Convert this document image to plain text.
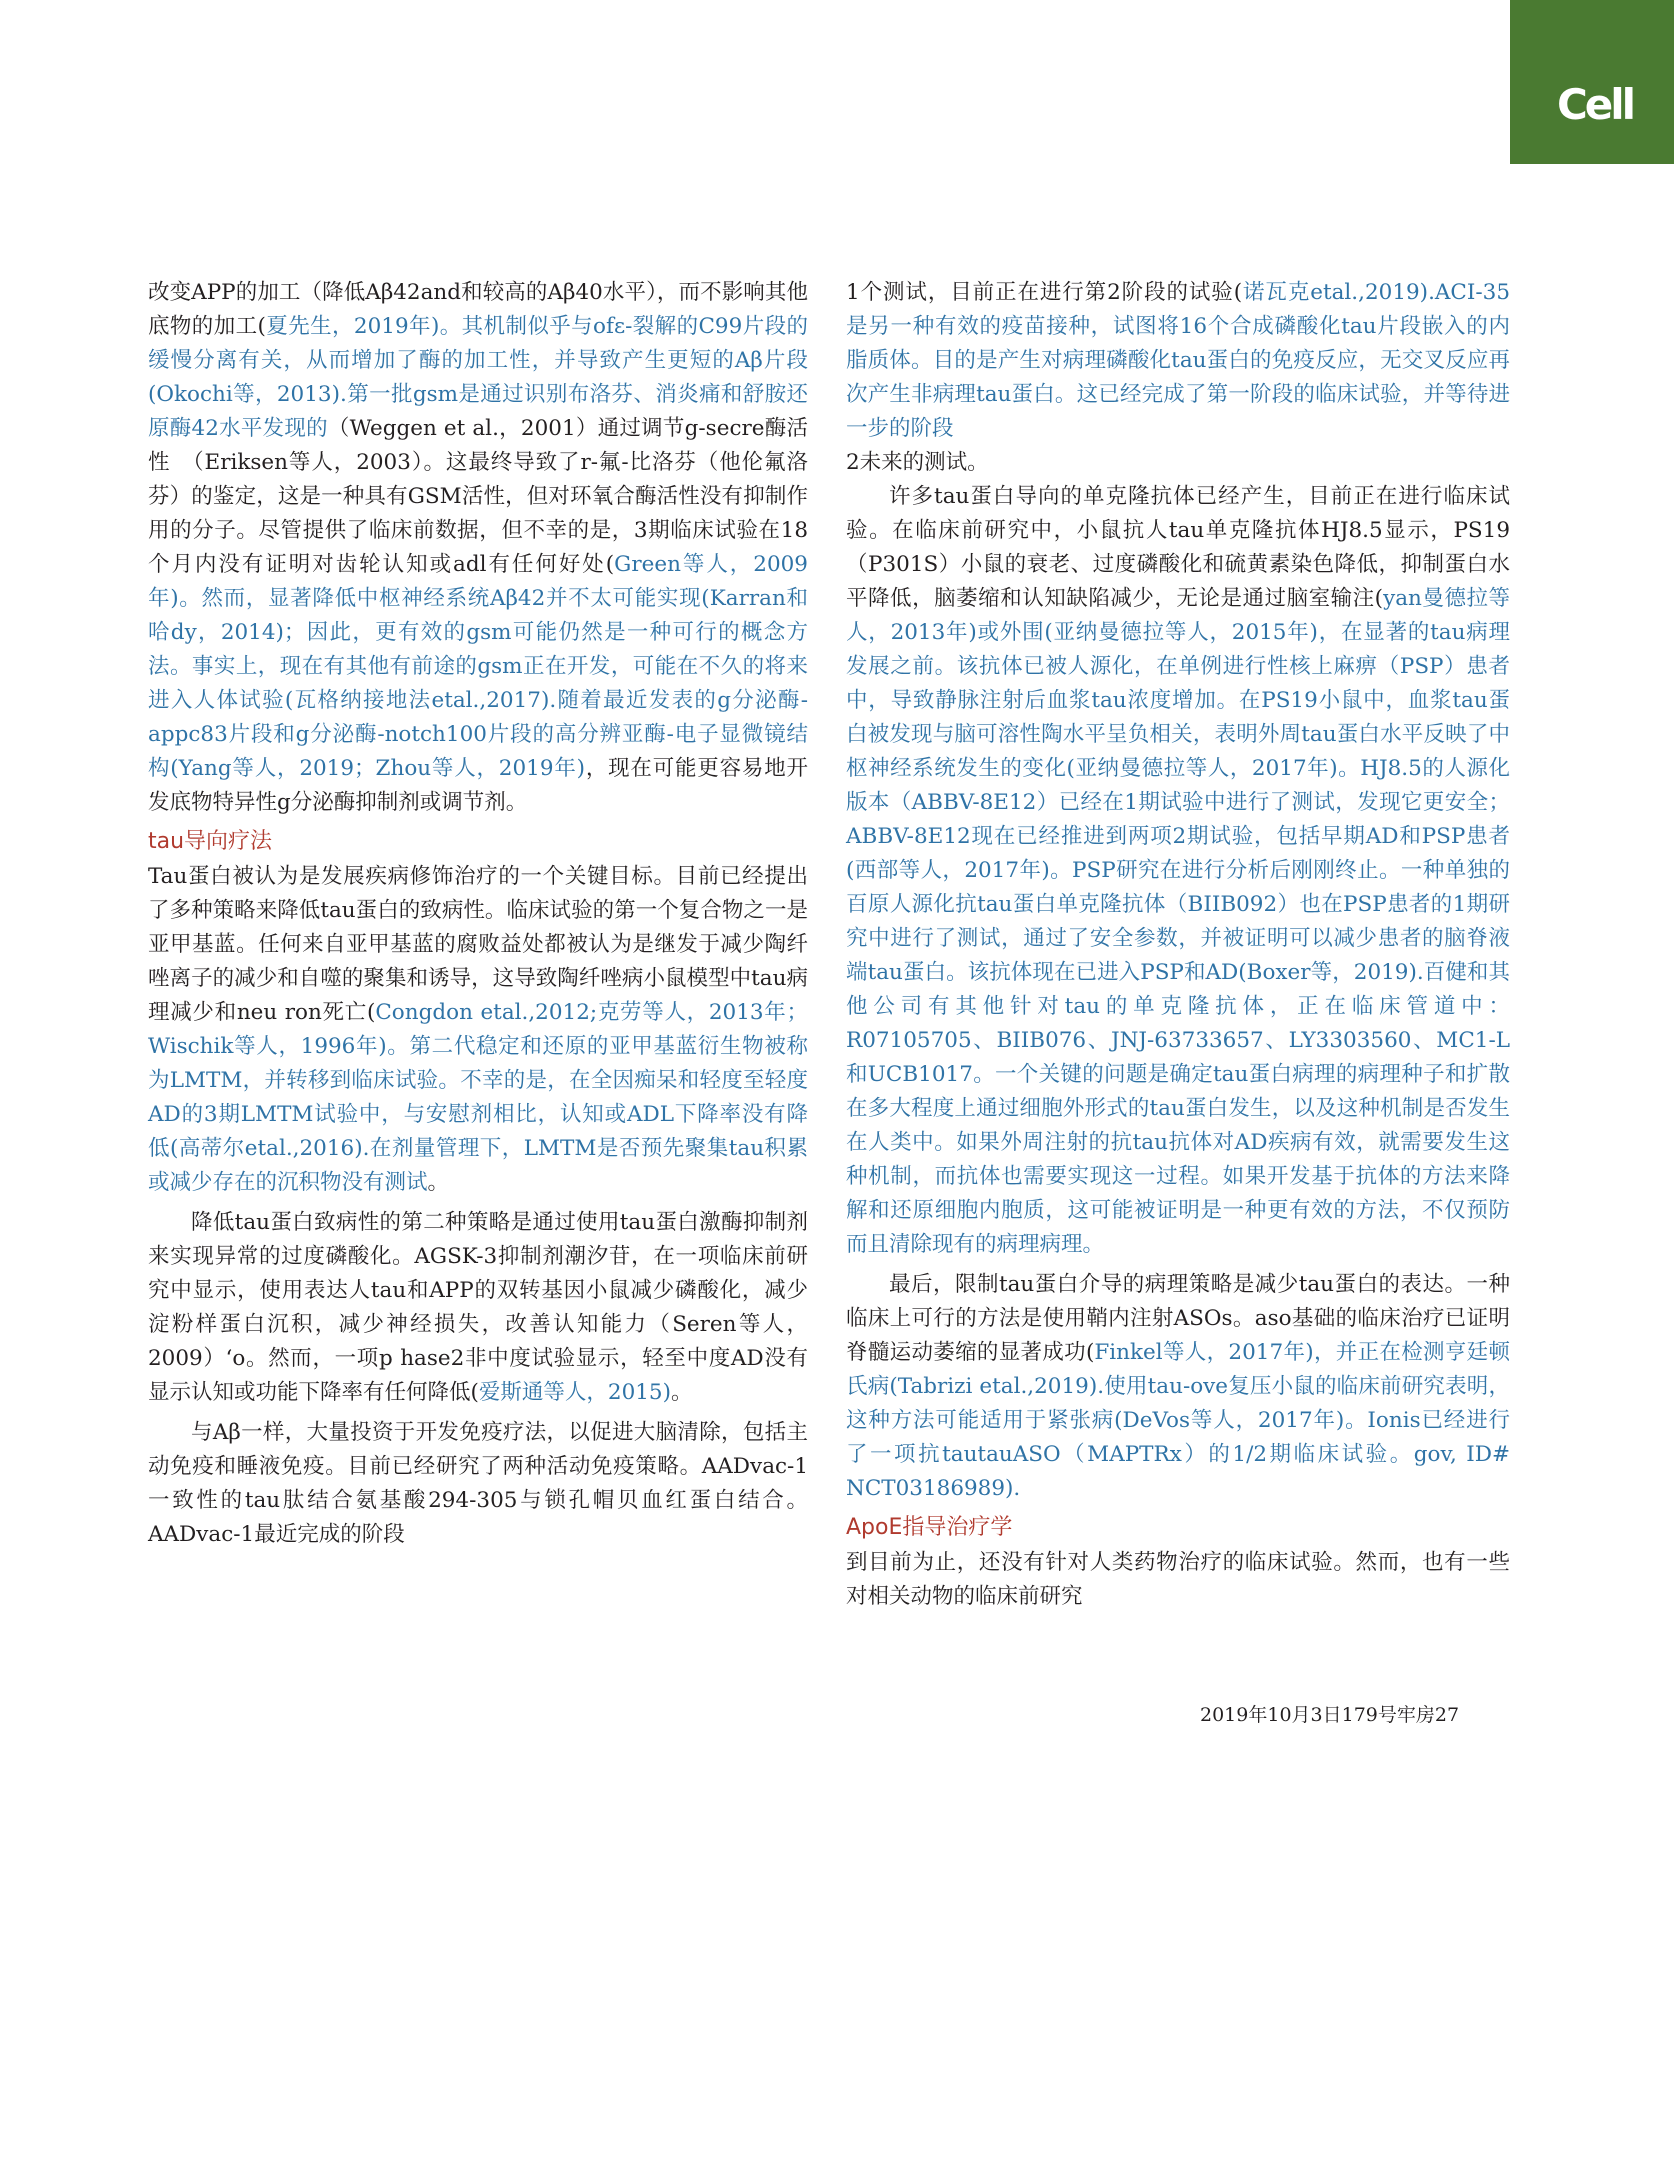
Cell

改变APP的加工（降低Aβ42and和较高的Aβ40水平），而不影响其他底物的加工(夏先生，2019年)。其机制似乎与ofε-裂解的C99片段的缓慢分离有关，从而增加了酶的加工性，并导致产生更短的Aβ片段(Okochi等，2013).第一批gsm是通过识别布洛芬、消炎痛和舒胺还原酶42水平发现的（Weggen et al.，2001）通过调节g-secre酶活性　（Eriksen等人，2003）。这最终导致了r-氟-比洛芬（他伦氟洛芬）的鉴定，这是一种具有GSM活性，但对环氧合酶活性没有抑制作用的分子。尽管提供了临床前数据，但不幸的是，3期临床试验在18个月内没有证明对齿轮认知或adl有任何好处(Green等人，2009年)。然而，显著降低中枢神经系统Aβ42并不太可能实现(Karran和哈dy，2014)；因此，更有效的gsm可能仍然是一种可行的概念方法。事实上，现在有其他有前途的gsm正在开发，可能在不久的将来进入人体试验(瓦格纳接地法etal.,2017).随着最近发表的g分泌酶-appc83片段和g分泌酶-notch100片段的高分辨亚酶-电子显微镜结构(Yang等人，2019；Zhou等人，2019年)，现在可能更容易地开发底物特异性g分泌酶抑制剂或调节剂。

tau导向疗法

Tau蛋白被认为是发展疾病修饰治疗的一个关键目标。目前已经提出了多种策略来降低tau蛋白的致病性。临床试验的第一个复合物之一是亚甲基蓝。任何来自亚甲基蓝的腐败益处都被认为是继发于减少陶纤唑离子的减少和自噬的聚集和诱导，这导致陶纤唑病小鼠模型中tau病理减少和neu ron死亡(Congdon etal.,2012;克劳等人，2013年；Wischik等人，1996年)。第二代稳定和还原的亚甲基蓝衍生物被称为LMTM，并转移到临床试验。不幸的是，在全因痴呆和轻度至轻度AD的3期LMTM试验中，与安慰剂相比，认知或ADL下降率没有降低(高蒂尔etal.,2016).在剂量管理下，LMTM是否预先聚集tau积累或减少存在的沉积物没有测试。

降低tau蛋白致病性的第二种策略是通过使用tau蛋白激酶抑制剂来实现异常的过度磷酸化。AGSK-3抑制剂潮汐苷，在一项临床前研究中显示，使用表达人tau和APP的双转基因小鼠减少磷酸化，减少淀粉样蛋白沉积，减少神经损失，改善认知能力（Seren等人，2009）‘o。然而，一项p hase2非中度试验显示，轻至中度AD没有显示认知或功能下降率有任何降低(爱斯通等人，2015)。

与Aβ一样，大量投资于开发免疫疗法，以促进大脑清除，包括主动免疫和睡液免疫。目前已经研究了两种活动免疫策略。AADvac-1一致性的tau肽结合氨基酸294-305与锁孔帽贝血红蛋白结合。AADvac-1最近完成的阶段

1个测试，目前正在进行第2阶段的试验(诺瓦克etal.,2019).ACI-35是另一种有效的疫苗接种，试图将16个合成磷酸化tau片段嵌入的内脂质体。目的是产生对病理磷酸化tau蛋白的免疫反应，无交叉反应再次产生非病理tau蛋白。这已经完成了第一阶段的临床试验，并等待进一步的阶段

2未来的测试。

许多tau蛋白导向的单克隆抗体已经产生，目前正在进行临床试验。在临床前研究中，小鼠抗人tau单克隆抗体HJ8.5显示，PS19（P301S）小鼠的衰老、过度磷酸化和硫黄素染色降低，抑制蛋白水平降低，脑萎缩和认知缺陷减少，无论是通过脑室输注(yan曼德拉等人，2013年)或外围(亚纳曼德拉等人，2015年)，在显著的tau病理发展之前。该抗体已被人源化，在单例进行性核上麻痹（PSP）患者中，导致静脉注射后血浆tau浓度增加。在PS19小鼠中，血浆tau蛋白被发现与脑可溶性陶水平呈负相关，表明外周tau蛋白水平反映了中枢神经系统发生的变化(亚纳曼德拉等人，2017年)。HJ8.5的人源化版本（ABBV-8E12）已经在1期试验中进行了测试，发现它更安全；ABBV-8E12现在已经推进到两项2期试验，包括早期AD和PSP患者(西部等人，2017年)。PSP研究在进行分析后刚刚终止。一种单独的百原人源化抗tau蛋白单克隆抗体（BIIB092）也在PSP患者的1期研究中进行了测试，通过了安全参数，并被证明可以减少患者的脑脊液端tau蛋白。该抗体现在已进入PSP和AD(Boxer等，2019).百健和其他公司有其他针对tau的单克隆抗体，正在临床管道中：R07105705、BIIB076、JNJ-63733657、LY3303560、MC1-L和UCB1017。一个关键的问题是确定tau蛋白病理的病理种子和扩散在多大程度上通过细胞外形式的tau蛋白发生，以及这种机制是否发生在人类中。如果外周注射的抗tau抗体对AD疾病有效，就需要发生这种机制，而抗体也需要实现这一过程。如果开发基于抗体的方法来降解和还原细胞内胞质，这可能被证明是一种更有效的方法，不仅预防而且清除现有的病理病理。

最后，限制tau蛋白介导的病理策略是减少tau蛋白的表达。一种临床上可行的方法是使用鞘内注射ASOs。aso基础的临床治疗已证明脊髓运动萎缩的显著成功(Finkel等人，2017年)，并正在检测亨廷顿氏病(Tabrizi etal.,2019).使用tau-ove复压小鼠的临床前研究表明，这种方法可能适用于紧张病(DeVos等人，2017年)。Ionis已经进行了一项抗tautauASO（MAPTRx）的1/2期临床试验。gov, ID# NCT03186989).

ApoE指导治疗学

到目前为止，还没有针对人类药物治疗的临床试验。然而，也有一些对相关动物的临床前研究

2019年10月3日179号牢房27
